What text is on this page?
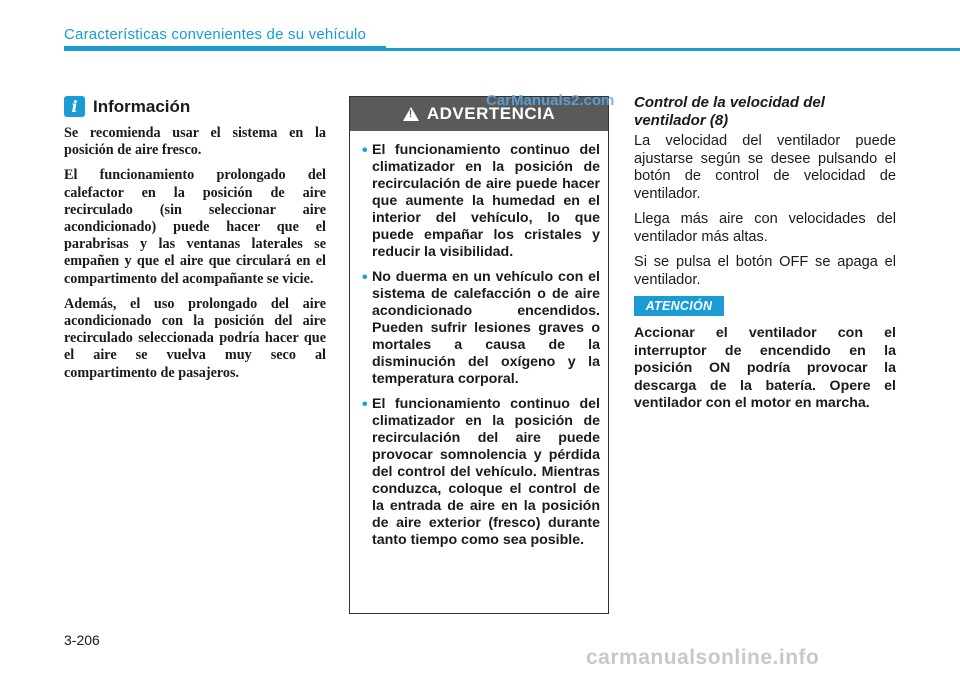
Características convenientes de su vehículo
i Información

Se recomienda usar el sistema en la posición de aire fresco.

El funcionamiento prolongado del calefactor en la posición de aire recirculado (sin seleccionar aire acondicionado) puede hacer que el parabrisas y las ventanas laterales se empañen y que el aire que circulará en el compartimento del acompañante se vicie.

Además, el uso prolongado del aire acondicionado con la posición del aire recirculado seleccionada podría hacer que el aire se vuelva muy seco al compartimento de pasajeros.

! ADVERTENCIA
• El funcionamiento continuo del climatizador en la posición de recirculación de aire puede hacer que aumente la humedad en el interior del vehículo, lo que puede empañar los cristales y reducir la visibilidad.
• No duerma en un vehículo con el sistema de calefacción o de aire acondicionado encendidos. Pueden sufrir lesiones graves o mortales a causa de la disminución del oxígeno y la temperatura corporal.
• El funcionamiento continuo del climatizador en la posición de recirculación del aire puede provocar somnolencia y pérdida del control del vehículo. Mientras conduzca, coloque el control de la entrada de aire en la posición de aire exterior (fresco) durante tanto tiempo como sea posible.
CarManuals2.com Control de la velocidad del ventilador (8)

La velocidad del ventilador puede ajustarse según se desee pulsando el botón de control de velocidad de ventilador.

Llega más aire con velocidades del ventilador más altas.

Si se pulsa el botón OFF se apaga el ventilador.

ATENCIÓN
Accionar el ventilador con el interruptor de encendido en la posición ON podría provocar la descarga de la batería. Opere el ventilador con el motor en marcha.
3-206
carmanualsonline.info
